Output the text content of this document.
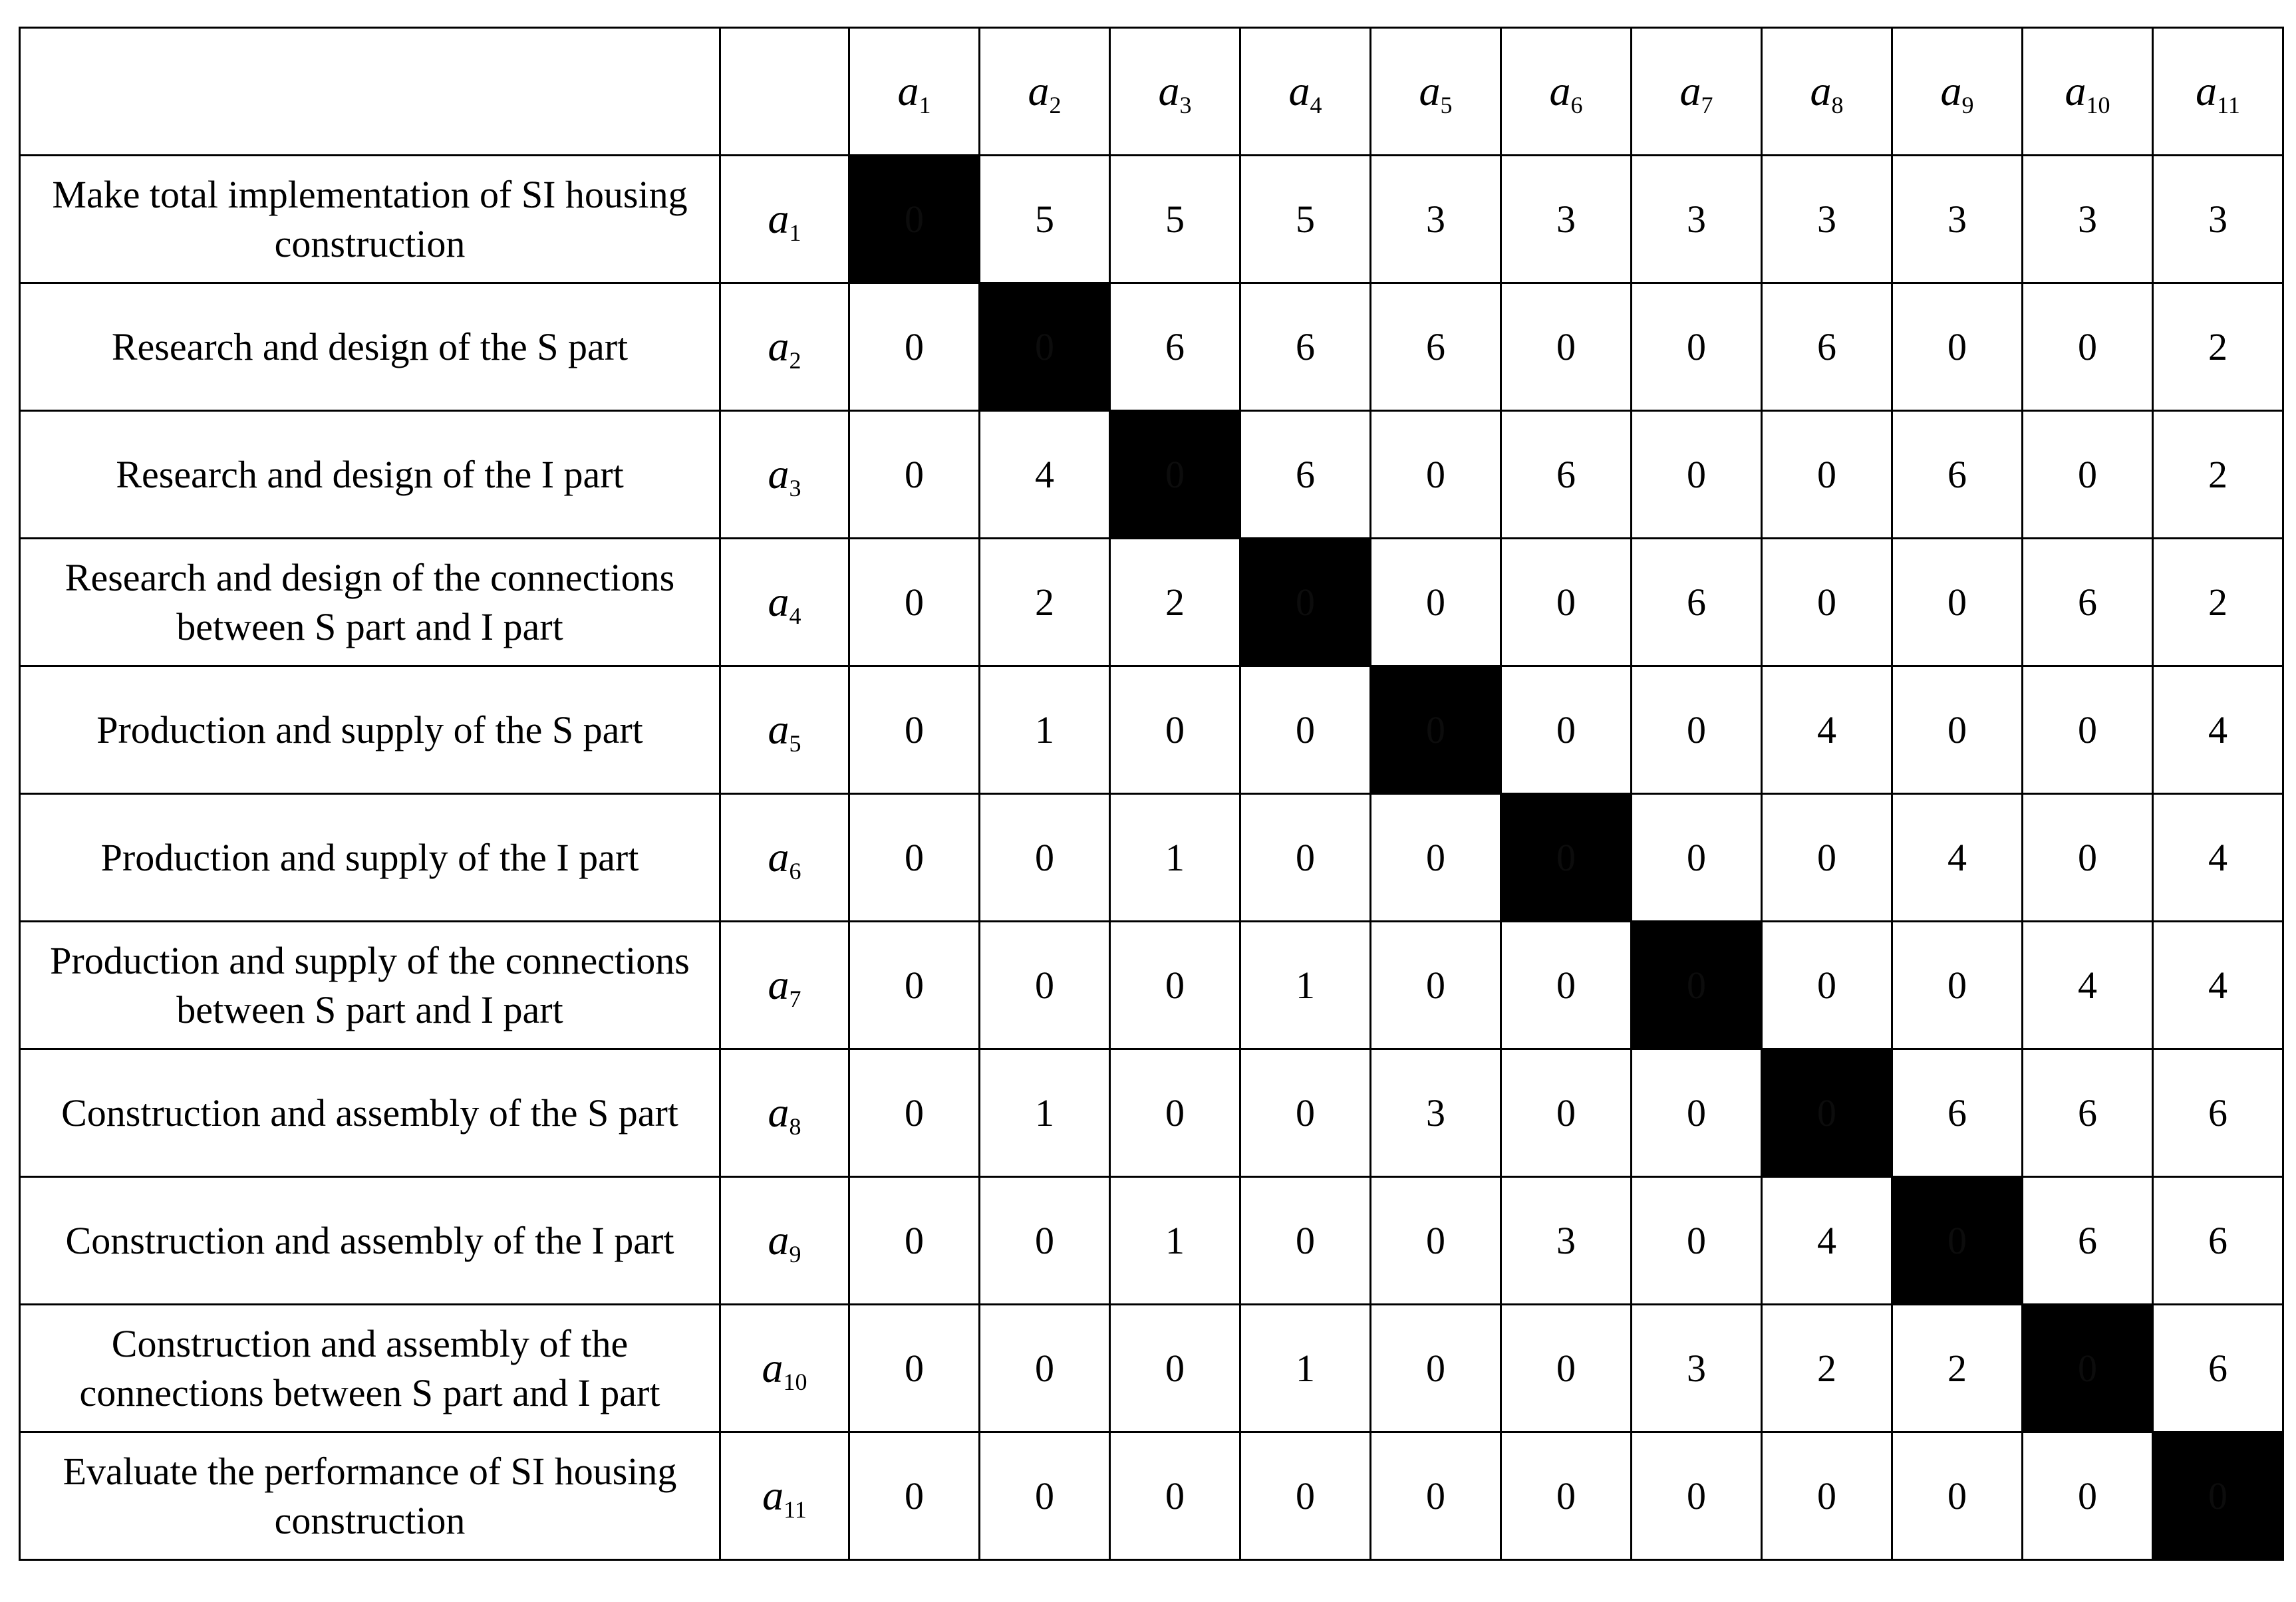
		$a_1$	$a_2$	$a_3$	$a_4$	$a_5$	$a_6$	$a_7$	$a_8$	$a_9$	$a_{10}$	$a_{11}$
Make total implementation of SI housing construction	$a_1$	0	5	5	5	3	3	3	3	3	3	3
Research and design of the S part	$a_2$	0	0	6	6	6	0	0	6	0	0	2
Research and design of the I part	$a_3$	0	4	0	6	0	6	0	0	6	0	2
Research and design of the connections between S part and I part	$a_4$	0	2	2	0	0	0	6	0	0	6	2
Production and supply of the S part	$a_5$	0	1	0	0	0	0	0	4	0	0	4
Production and supply of the I part	$a_6$	0	0	1	0	0	0	0	0	4	0	4
Production and supply of the connections between S part and I part	$a_7$	0	0	0	1	0	0	0	0	0	4	4
Construction and assembly of the S part	$a_8$	0	1	0	0	3	0	0	0	6	6	6
Construction and assembly of the I part	$a_9$	0	0	1	0	0	3	0	4	0	6	6
Construction and assembly of the connections between S part and I part	$a_{10}$	0	0	0	1	0	0	3	2	2	0	6
Evaluate the performance of SI housing construction	$a_{11}$	0	0	0	0	0	0	0	0	0	0	0
